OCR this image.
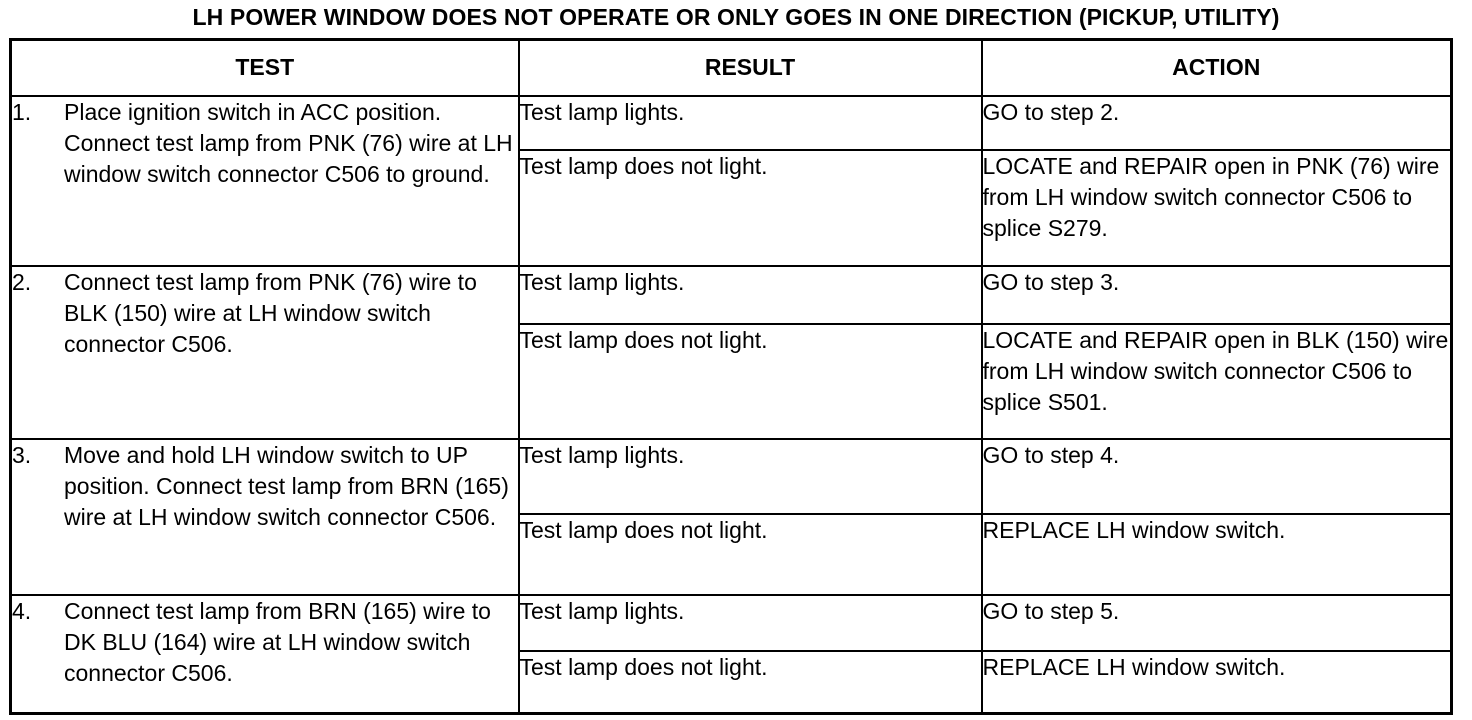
LH POWER WINDOW DOES NOT OPERATE OR ONLY GOES IN ONE DIRECTION (PICKUP, UTILITY)
TEST	RESULT	ACTION

1. Place ignition switch in ACC position. Connect test lamp from PNK (76) wire at LH window switch connector C506 to ground.	Test lamp lights.	GO to step 2.
	Test lamp does not light.	LOCATE and REPAIR open in PNK (76) wire from LH window switch connector C506 to splice S279.

2. Connect test lamp from PNK (76) wire to BLK (150) wire at LH window switch connector C506.	Test lamp lights.	GO to step 3.
	Test lamp does not light.	LOCATE and REPAIR open in BLK (150) wire from LH window switch connector C506 to splice S501.

3. Move and hold LH window switch to UP position. Connect test lamp from BRN (165) wire at LH window switch connector C506.	Test lamp lights.	GO to step 4.
	Test lamp does not light.	REPLACE LH window switch.

4. Connect test lamp from BRN (165) wire to DK BLU (164) wire at LH window switch connector C506.	Test lamp lights.	GO to step 5.
	Test lamp does not light.	REPLACE LH window switch.
